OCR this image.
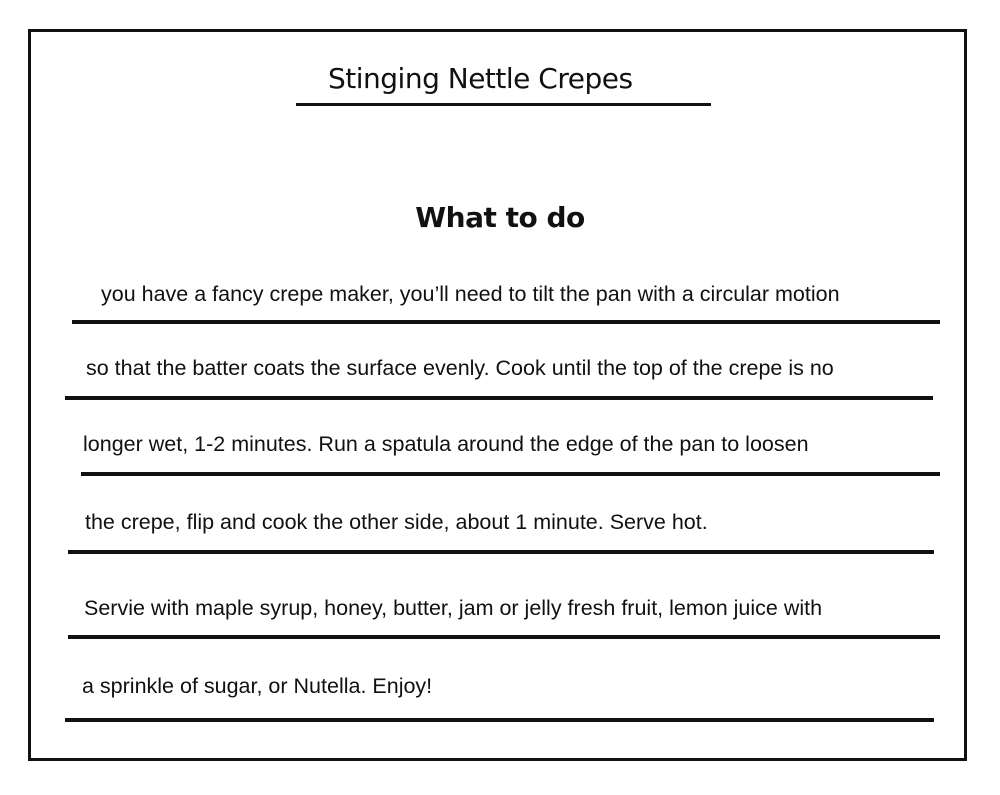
Stinging Nettle Crepes
What to do
you have a fancy crepe maker, you’ll need to tilt the pan with a circular motion
so that the batter coats the surface evenly. Cook until the top of the crepe is no
longer wet, 1-2 minutes. Run a spatula around the edge of the pan to loosen
the crepe, flip and cook the other side, about 1 minute. Serve hot.
Servie with maple syrup, honey, butter, jam or jelly fresh fruit, lemon juice with
a sprinkle of sugar, or Nutella. Enjoy!
